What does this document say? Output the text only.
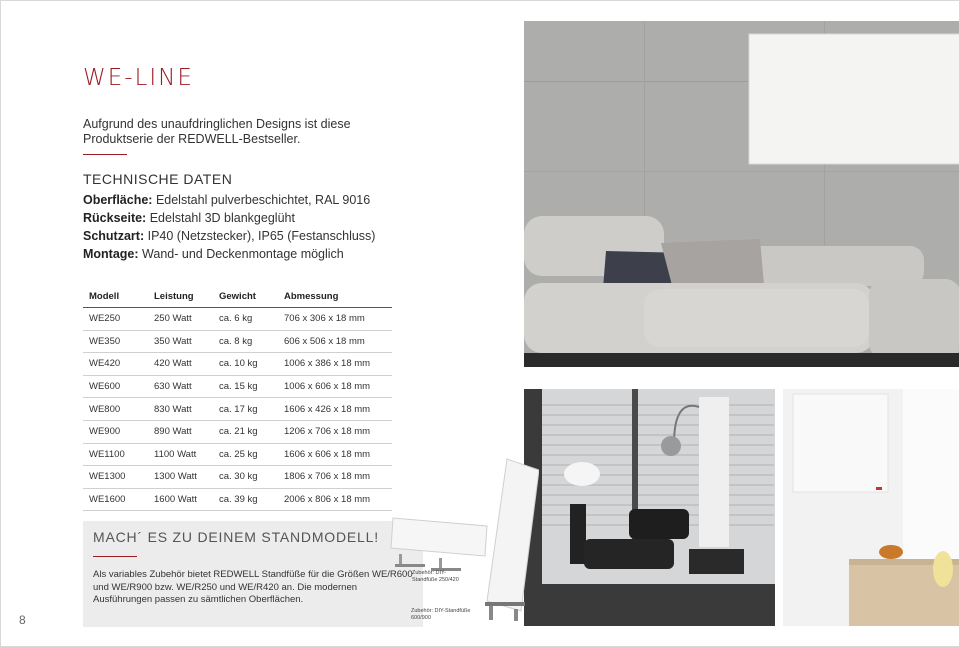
WE-LINE
Aufgrund des unaufdringlichen Designs ist diese Produktserie der REDWELL-Bestseller.
TECHNISCHE DATEN
Oberfläche: Edelstahl pulverbeschichtet, RAL 9016
Rückseite: Edelstahl 3D blankgeglüht
Schutzart: IP40 (Netzstecker), IP65 (Festanschluss)
Montage: Wand- und Deckenmontage möglich
Modell	Leistung	Gewicht	Abmessung
WE250	250 Watt	ca. 6 kg	706 x 306 x 18 mm
WE350	350 Watt	ca. 8 kg	606 x 506 x 18 mm
WE420	420 Watt	ca. 10 kg	1006 x 386 x 18 mm
WE600	630 Watt	ca. 15 kg	1006 x 606 x 18 mm
WE800	830 Watt	ca. 17 kg	1606 x 426 x 18 mm
WE900	890 Watt	ca. 21 kg	1206 x 706 x 18 mm
WE1100	1100 Watt	ca. 25 kg	1606 x 606 x 18 mm
WE1300	1300 Watt	ca. 30 kg	1806 x 706 x 18 mm
WE1600	1600 Watt	ca. 39 kg	2006 x 806 x 18 mm
MACH´ ES ZU DEINEM STANDMODELL!
Als variables Zubehör bietet REDWELL Standfüße für die Größen WE/R600 und WE/R900 bzw. WE/R250 und WE/R420 an. Die modernen Ausführungen passen zu sämtlichen Oberflächen.
Zubehör: DIY-Standfüße 250/420
Zubehör: DIY-Standfüße 600/900
8
